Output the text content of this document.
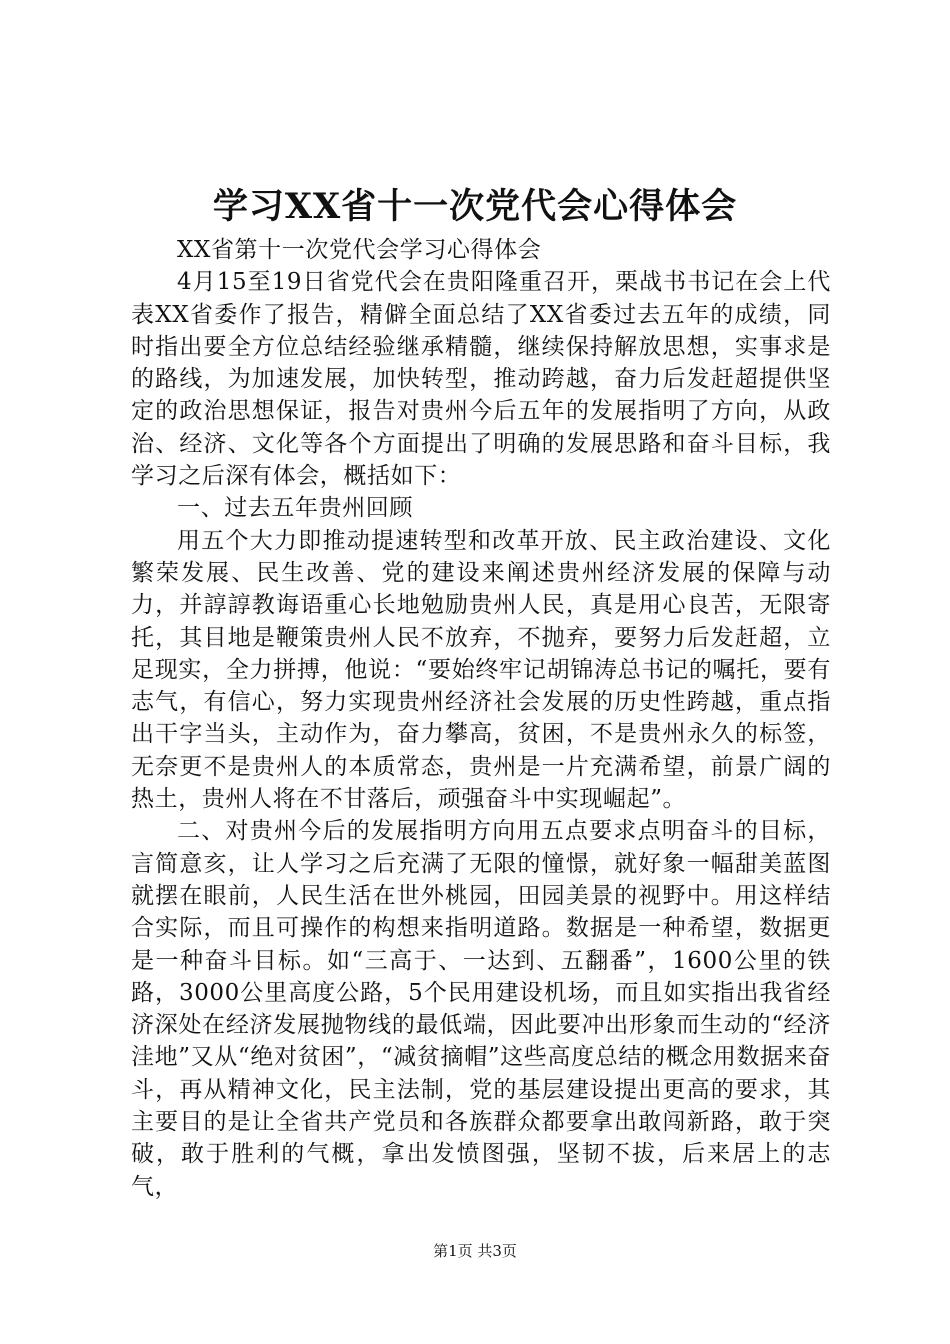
学习XX省十一次党代会心得体会

XX省第十一次党代会学习心得体会

4月15至19日省党代会在贵阳隆重召开，栗战书书记在会上代表XX省委作了报告，精僻全面总结了XX省委过去五年的成绩，同时指出要全方位总结经验继承精髓，继续保持解放思想，实事求是的路线，为加速发展，加快转型，推动跨越，奋力后发赶超提供坚定的政治思想保证，报告对贵州今后五年的发展指明了方向，从政治、经济、文化等各个方面提出了明确的发展思路和奋斗目标，我学习之后深有体会，概括如下：

一、过去五年贵州回顾

用五个大力即推动提速转型和改革开放、民主政治建设、文化繁荣发展、民生改善、党的建设来阐述贵州经济发展的保障与动力，并諄諄教诲语重心长地勉励贵州人民，真是用心良苦，无限寄托，其目地是鞭策贵州人民不放弃，不抛弃，要努力后发赶超，立足现实，全力拼搏，他说：“要始终牢记胡锦涛总书记的嘱托，要有志气，有信心，努力实现贵州经济社会发展的历史性跨越，重点指出干字当头，主动作为，奋力攀高，贫困，不是贵州永久的标签，无奈更不是贵州人的本质常态，贵州是一片充满希望，前景广阔的热土，贵州人将在不甘落后，顽强奋斗中实现崛起”。

二、对贵州今后的发展指明方向用五点要求点明奋斗的目标，言简意亥，让人学习之后充满了无限的憧憬，就好象一幅甜美蓝图就摆在眼前，人民生活在世外桃园，田园美景的视野中。用这样结合实际，而且可操作的构想来指明道路。数据是一种希望，数据更是一种奋斗目标。如“三高于、一达到、五翻番”，1600公里的铁路，3000公里高度公路，5个民用建设机场，而且如实指出我省经济深处在经济发展抛物线的最低端，因此要冲出形象而生动的“经济洼地”又从“绝对贫困”，“减贫摘帽”这些高度总结的概念用数据来奋斗，再从精神文化，民主法制，党的基层建设提出更高的要求，其主要目的是让全省共产党员和各族群众都要拿出敢闯新路，敢于突破，敢于胜利的气概，拿出发愤图强，坚韧不拔，后来居上的志气，

第1页 共3页
